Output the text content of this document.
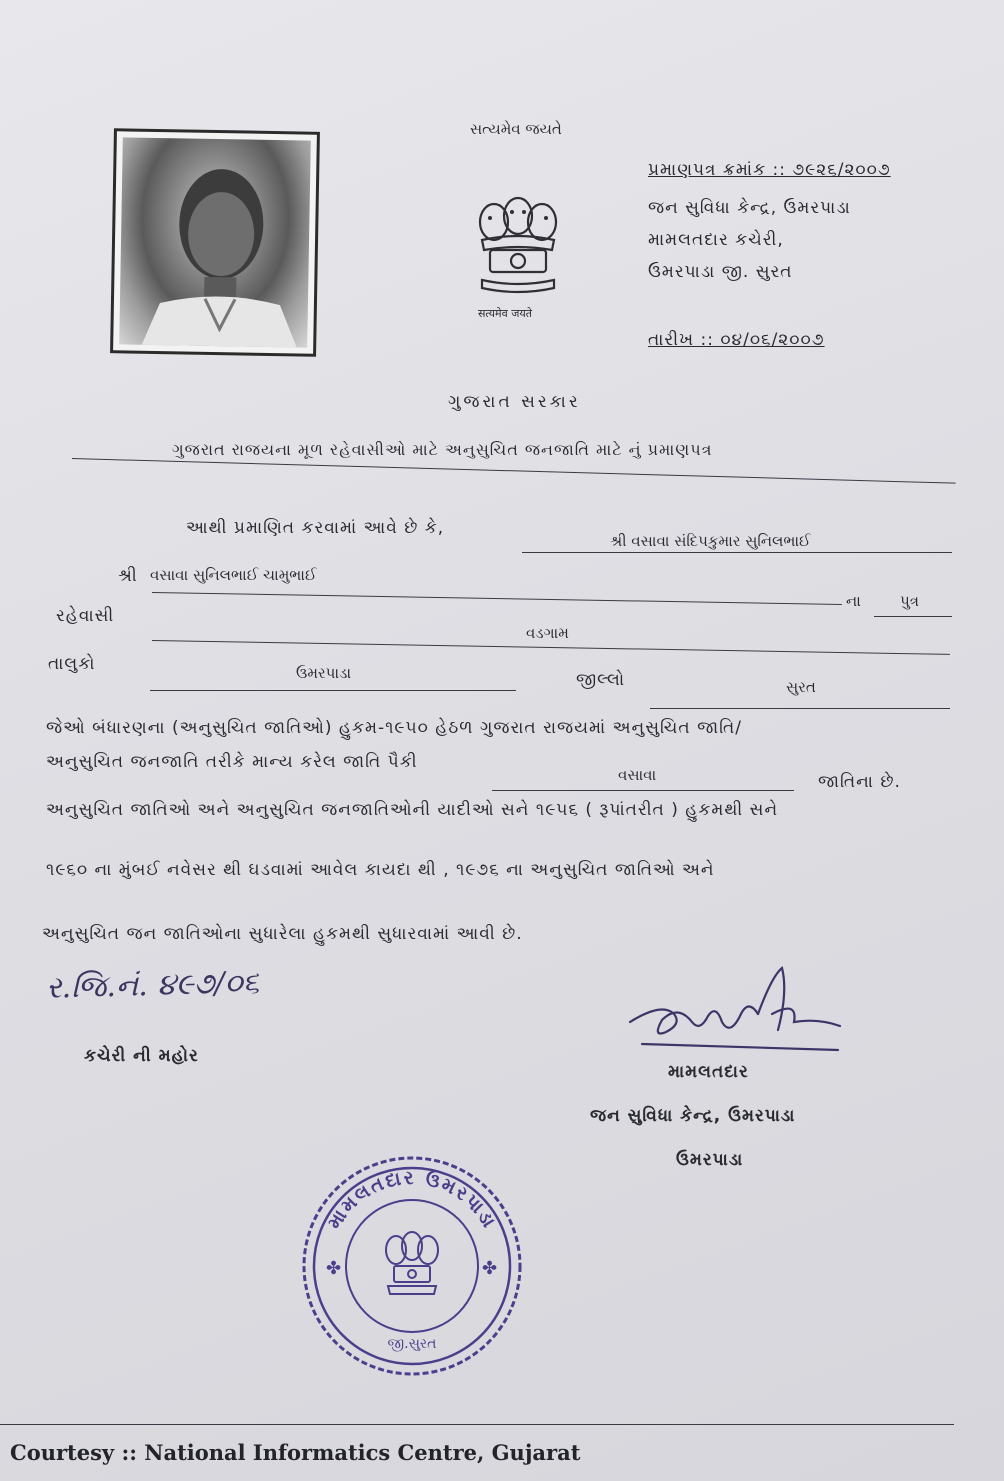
સત્યમેવ જયતે
सत्यमेव जयते
પ્રમાણપત્ર ક્રમાંક :: ૭૯૨૬/૨૦૦૭
જન સુવિધા કેન્દ્ર, ઉમરપાડા
મામલતદાર કચેરી,
ઉમરપાડા જી. સુરત
તારીખ :: ૦૪/૦૬/૨૦૦૭
ગુજરાત સરકાર
ગુજરાત રાજયના મૂળ રહેવાસીઓ માટે અનુસુચિત જનજાતિ માટે નું પ્રમાણપત્ર
આથી પ્રમાણિત કરવામાં આવે છે કે,
શ્રી વસાવા સંદિપકુમાર સુનિલભાઈ
શ્રી વસાવા સુનિલભાઈ ચામુભાઈ
ના	પુત્ર
રહેવાસી
વડગામ
તાલુકો	ઉમરપાડા	જીલ્લો	સુરત
જેઓ બંધારણના (અનુસુચિત જાતિઓ) હુકમ-૧૯૫૦ હેઠળ ગુજરાત રાજયમાં અનુસુચિત જાતિ/
અનુસુચિત જનજાતિ તરીકે માન્ય કરેલ જાતિ પૈકી
વસાવા	જાતિના છે.
અનુસુચિત જાતિઓ અને અનુસુચિત જનજાતિઓની યાદીઓ સને ૧૯૫૬ ( રૂપાંતરીત ) હુકમથી સને
૧૯૬૦ ના મુંબઈ નવેસર થી ઘડવામાં આવેલ કાયદા થી , ૧૯૭૬ ના અનુસુચિત જાતિઓ અને
અનુસુચિત જન જાતિઓના સુધારેલા હુકમથી સુધારવામાં આવી છે.
ર.જિ.નં. ૪૯૭/૦૬
કચેરી ની મહોર
મામલતદાર
જન સુવિધા કેન્દ્ર, ઉમરપાડા
ઉમરપાડા
મામલતદાર ઉમરપાડા
જી.સુરત
✤	✤
Courtesy :: National Informatics Centre, Gujarat
